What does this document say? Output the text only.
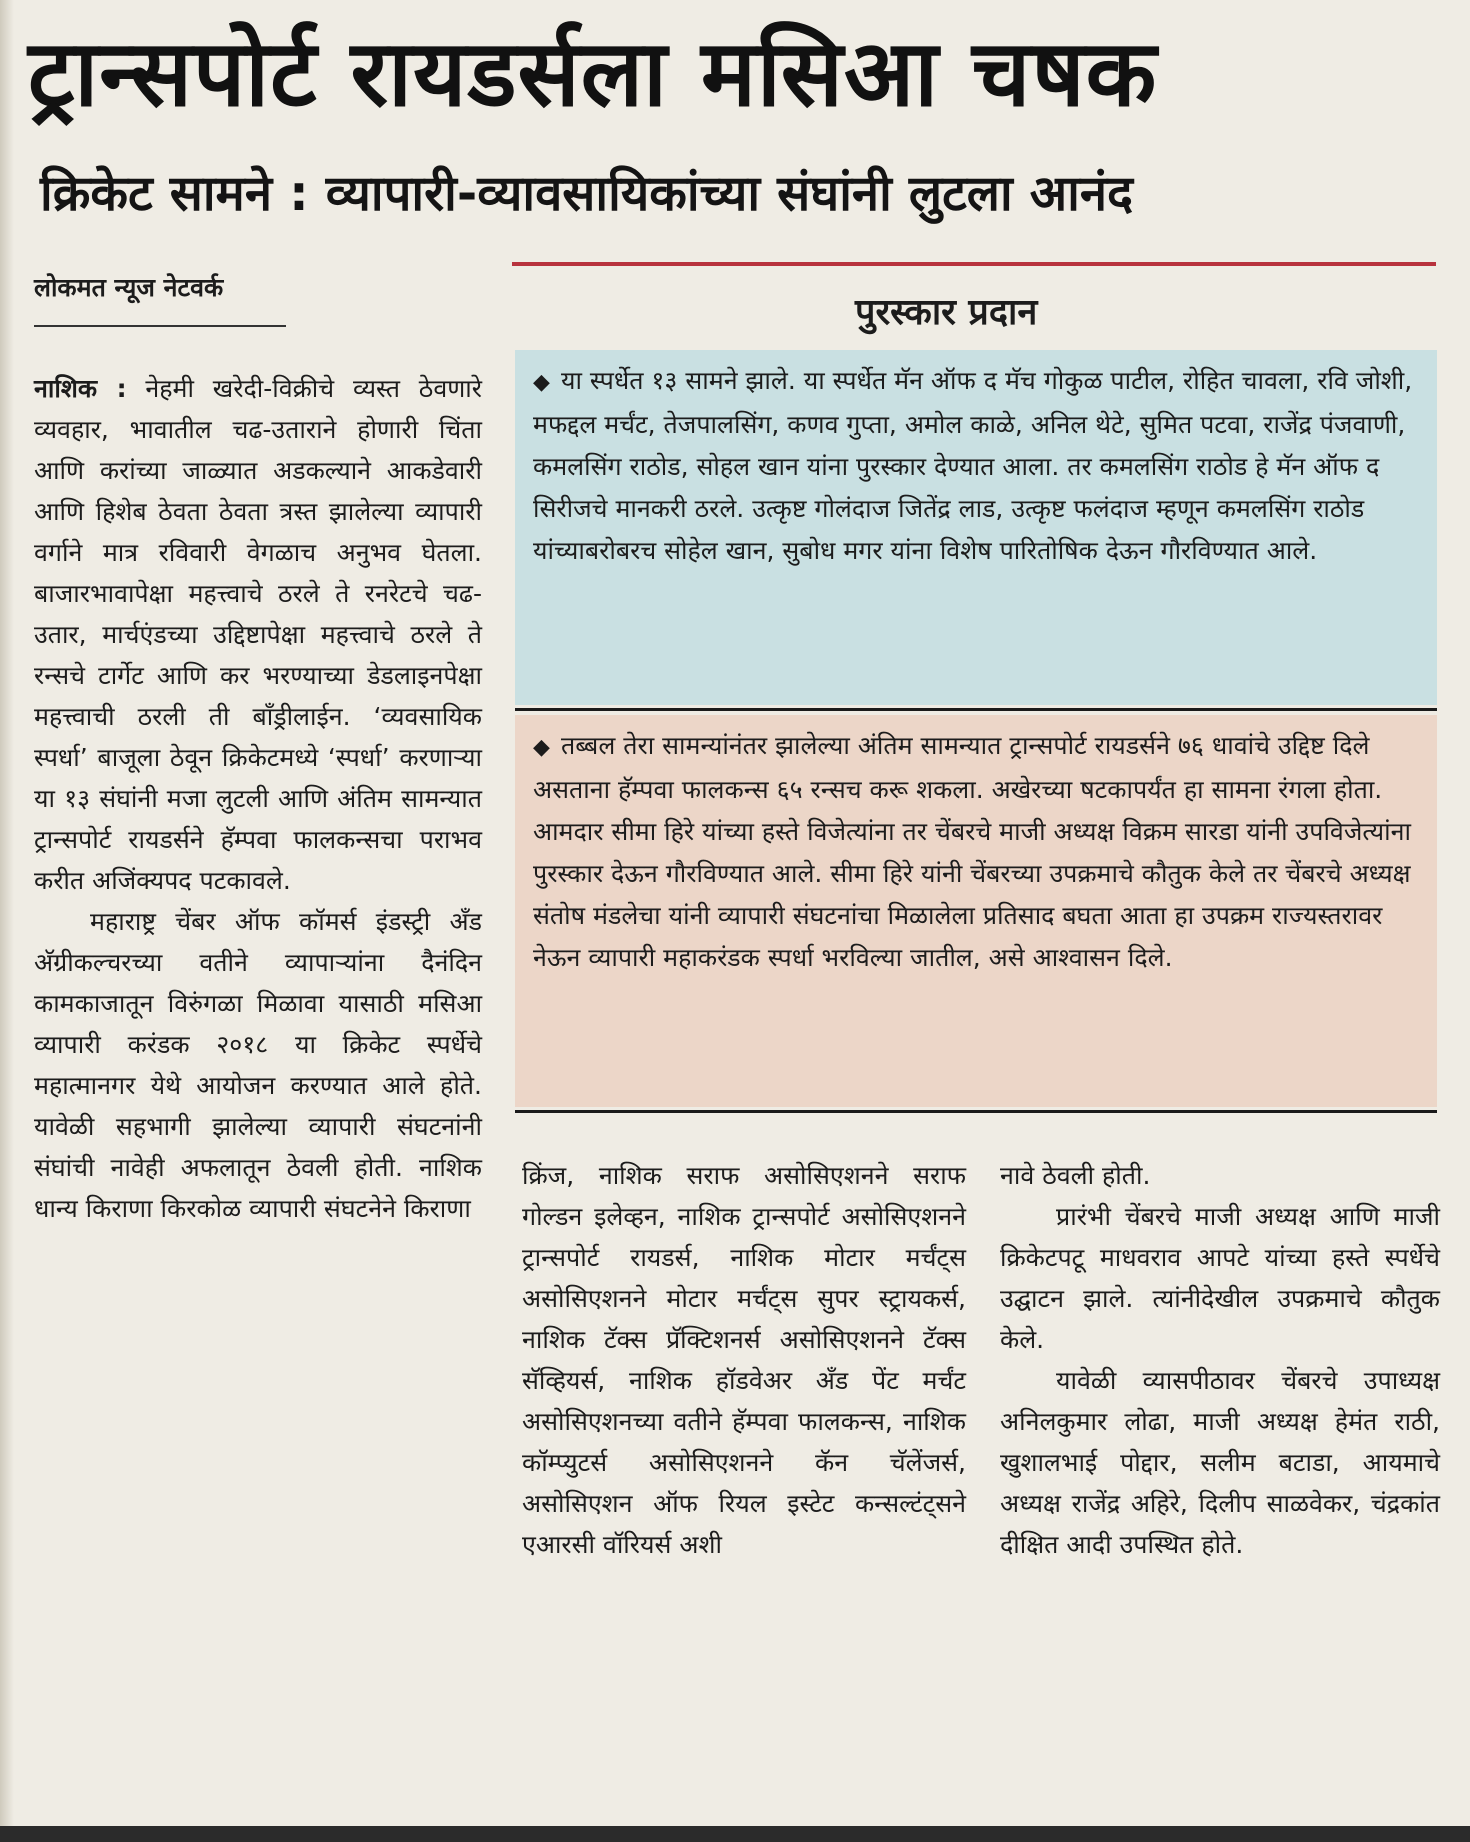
ट्रान्सपोर्ट रायडर्सला मसिआ चषक
क्रिकेट सामने : व्यापारी-व्यावसायिकांच्या संघांनी लुटला आनंद
लोकमत न्यूज नेटवर्क
पुरस्कार प्रदान

नाशिक : नेहमी खरेदी-विक्रीचे व्यस्त ठेवणारे व्यवहार, भावातील चढ-उताराने होणारी चिंता आणि करांच्या जाळ्यात अडकल्याने आकडेवारी आणि हिशेब ठेवता ठेवता त्रस्त झालेल्या व्यापारी वर्गाने मात्र रविवारी वेगळाच अनुभव घेतला. बाजारभावापेक्षा महत्त्वाचे ठरले ते रनरेटचे चढ-उतार, मार्चएंडच्या उद्दिष्टापेक्षा महत्त्वाचे ठरले ते रन्सचे टार्गेट आणि कर भरण्याच्या डेडलाइनपेक्षा महत्त्वाची ठरली ती बाँड्रीलाईन. ‘व्यवसायिक स्पर्धा’ बाजूला ठेवून क्रिकेटमध्ये ‘स्पर्धा’ करणाऱ्या या १३ संघांनी मजा लुटली आणि अंतिम सामन्यात ट्रान्सपोर्ट रायडर्सने हॅम्पवा फालकन्सचा पराभव करीत अजिंक्यपद पटकावले.

महाराष्ट्र चेंबर ऑफ कॉमर्स इंडस्ट्री अँड अ‍ॅग्रीकल्चरच्या वतीने व्यापाऱ्यांना दैनंदिन कामकाजातून विरुंगळा मिळावा यासाठी मसिआ व्यापारी करंडक २०१८ या क्रिकेट स्पर्धेचे महात्मानगर येथे आयोजन करण्यात आले होते. यावेळी सहभागी झालेल्या व्यापारी संघटनांनी संघांची नावेही अफलातून ठेवली होती. नाशिक धान्य किराणा किरकोळ व्यापारी संघटनेने किराणा

◆ या स्पर्धेत १३ सामने झाले. या स्पर्धेत मॅन ऑफ द मॅच गोकुळ पाटील, रोहित चावला, रवि जोशी, मफद्दल मर्चंट, तेजपालसिंग, कणव गुप्ता, अमोल काळे, अनिल थेटे, सुमित पटवा, राजेंद्र पंजवाणी, कमलसिंग राठोड, सोहल खान यांना पुरस्कार देण्यात आला. तर कमलसिंग राठोड हे मॅन ऑफ द सिरीजचे मानकरी ठरले. उत्कृष्ट गोलंदाज जितेंद्र लाड, उत्कृष्ट फलंदाज म्हणून कमलसिंग राठोड यांच्याबरोबरच सोहेल खान, सुबोध मगर यांना विशेष पारितोषिक देऊन गौरविण्यात आले.
◆ तब्बल तेरा सामन्यांनंतर झालेल्या अंतिम सामन्यात ट्रान्सपोर्ट रायडर्सने ७६ धावांचे उद्दिष्ट दिले असताना हॅम्पवा फालकन्स ६५ रन्सच करू शकला. अखेरच्या षटकापर्यंत हा सामना रंगला होता. आमदार सीमा हिरे यांच्या हस्ते विजेत्यांना तर चेंबरचे माजी अध्यक्ष विक्रम सारडा यांनी उपविजेत्यांना पुरस्कार देऊन गौरविण्यात आले. सीमा हिरे यांनी चेंबरच्या उपक्रमाचे कौतुक केले तर चेंबरचे अध्यक्ष संतोष मंडलेचा यांनी व्यापारी संघटनांचा मिळालेला प्रतिसाद बघता आता हा उपक्रम राज्यस्तरावर नेऊन व्यापारी महाकरंडक स्पर्धा भरविल्या जातील, असे आश्वासन दिले.

क्रिंज, नाशिक सराफ असोसिएशनने सराफ गोल्डन इलेव्हन, नाशिक ट्रान्सपोर्ट असोसिएशनने ट्रान्सपोर्ट रायडर्स, नाशिक मोटार मर्चंट्स असोसिएशनने मोटार मर्चंट्स सुपर स्ट्रायकर्स, नाशिक टॅक्स प्रॅक्टिशनर्स असोसिएशनने टॅक्स सॅव्हियर्स, नाशिक हॉडवेअर अँड पेंट मर्चंट असोसिएशनच्या वतीने हॅम्पवा फालकन्स, नाशिक कॉम्प्युटर्स असोसिएशनने कॅन चॅलेंजर्स, असोसिएशन ऑफ रियल इस्टेट कन्सल्टंट्सने एआरसी वॉरियर्स अशी

नावे ठेवली होती.

प्रारंभी चेंबरचे माजी अध्यक्ष आणि माजी क्रिकेटपटू माधवराव आपटे यांच्या हस्ते स्पर्धेचे उद्घाटन झाले. त्यांनीदेखील उपक्रमाचे कौतुक केले.

यावेळी व्यासपीठावर चेंबरचे उपाध्यक्ष अनिलकुमार लोढा, माजी अध्यक्ष हेमंत राठी, खुशालभाई पोद्दार, सलीम बटाडा, आयमाचे अध्यक्ष राजेंद्र अहिरे, दिलीप साळवेकर, चंद्रकांत दीक्षित आदी उपस्थित होते.
